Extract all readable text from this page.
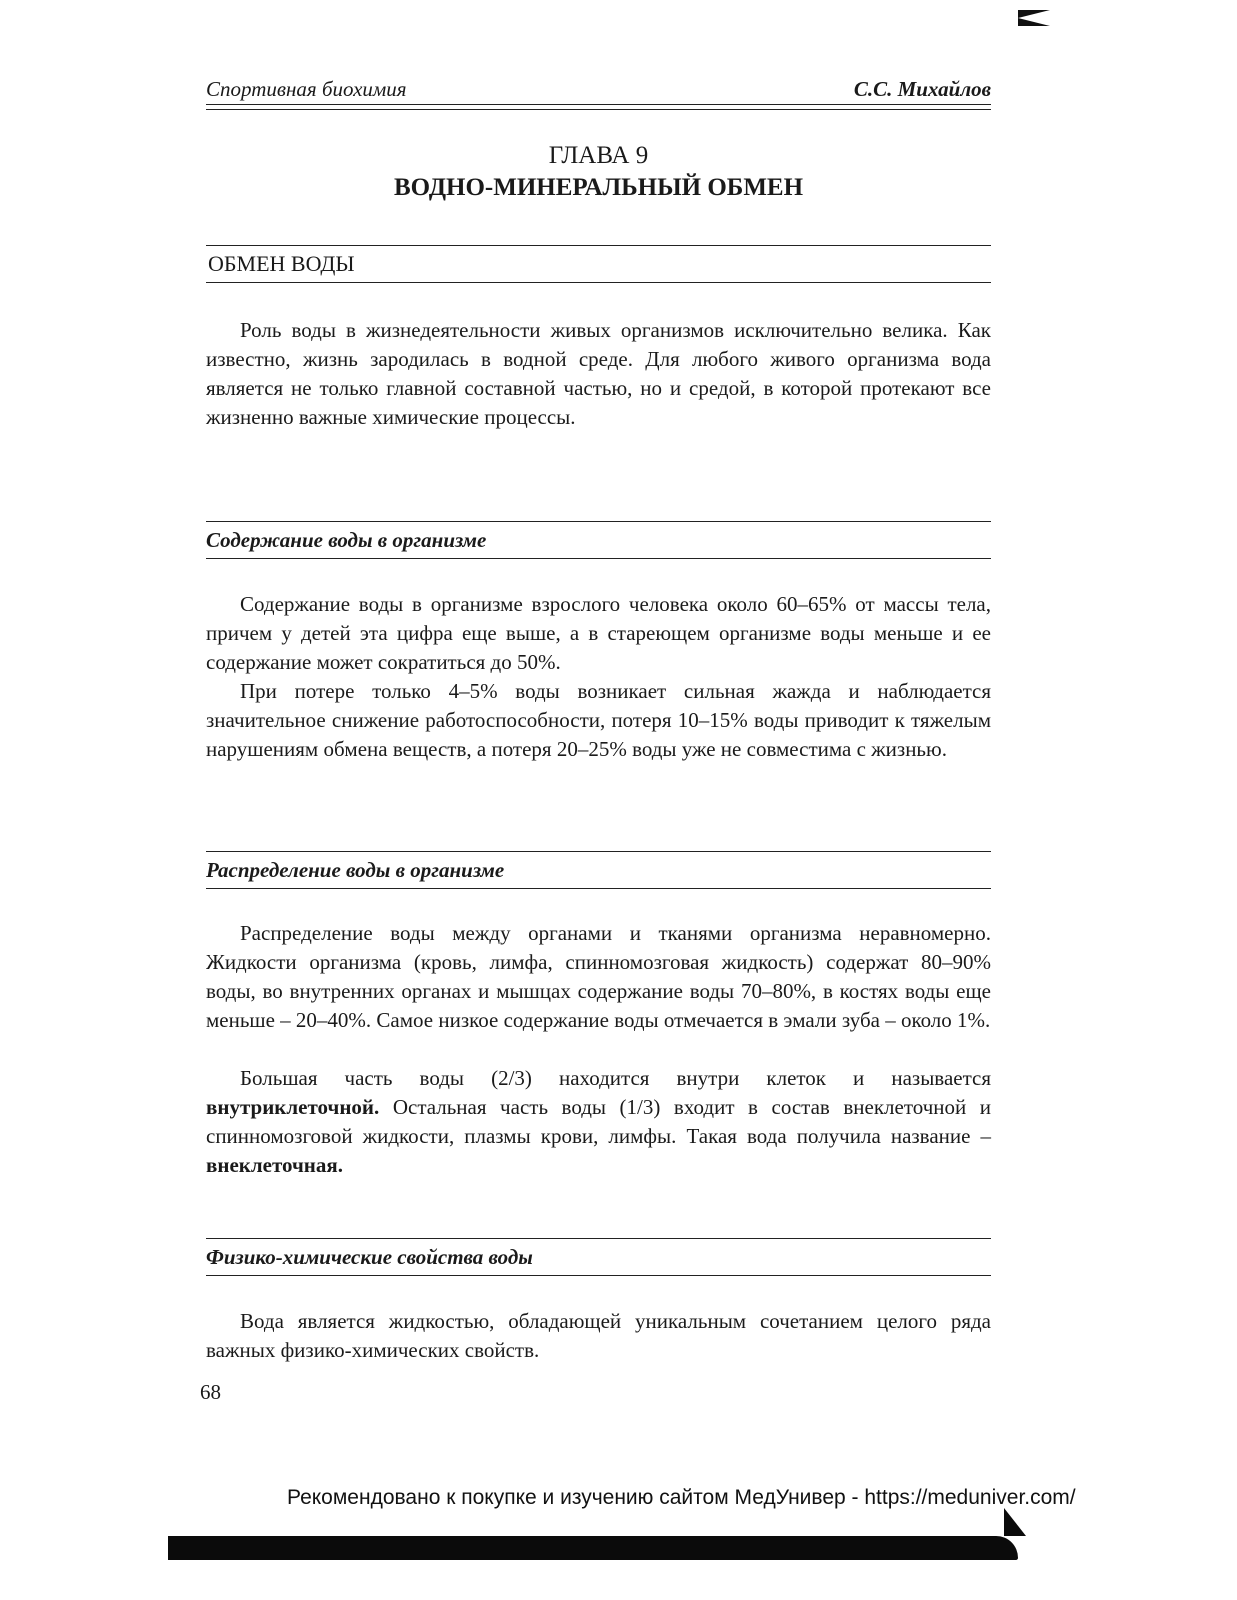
Спортивная биохимия	С.С. Михайлов
ГЛАВА 9
ВОДНО-МИНЕРАЛЬНЫЙ ОБМЕН
ОБМЕН ВОДЫ

Роль воды в жизнедеятельности живых организмов исключительно велика. Как известно, жизнь зародилась в водной среде. Для любого живого организма вода является не только главной составной частью, но и средой, в которой протекают все жизненно важные химические процессы.

Содержание воды в организме

Содержание воды в организме взрослого человека около 60–65% от массы тела, причем у детей эта цифра еще выше, а в стареющем организме воды меньше и ее содержание может сократиться до 50%.

При потере только 4–5% воды возникает сильная жажда и наблюдается значительное снижение работоспособности, потеря 10–15% воды приводит к тяжелым нарушениям обмена веществ, а потеря 20–25% воды уже не совместима с жизнью.

Распределение воды в организме

Распределение воды между органами и тканями организма неравномерно. Жидкости организма (кровь, лимфа, спинномозговая жидкость) содержат 80–90% воды, во внутренних органах и мышцах содержание воды 70–80%, в костях воды еще меньше – 20–40%. Самое низкое содержание воды отмечается в эмали зуба – около 1%.

Большая часть воды (2/3) находится внутри клеток и называется внутриклеточной. Остальная часть воды (1/3) входит в состав внеклеточной и спинномозговой жидкости, плазмы крови, лимфы. Такая вода получила название – внеклеточная.

Физико-химические свойства воды

Вода является жидкостью, обладающей уникальным сочетанием целого ряда важных физико-химических свойств.

68
Рекомендовано к покупке и изучению сайтом МедУнивер - https://meduniver.com/
